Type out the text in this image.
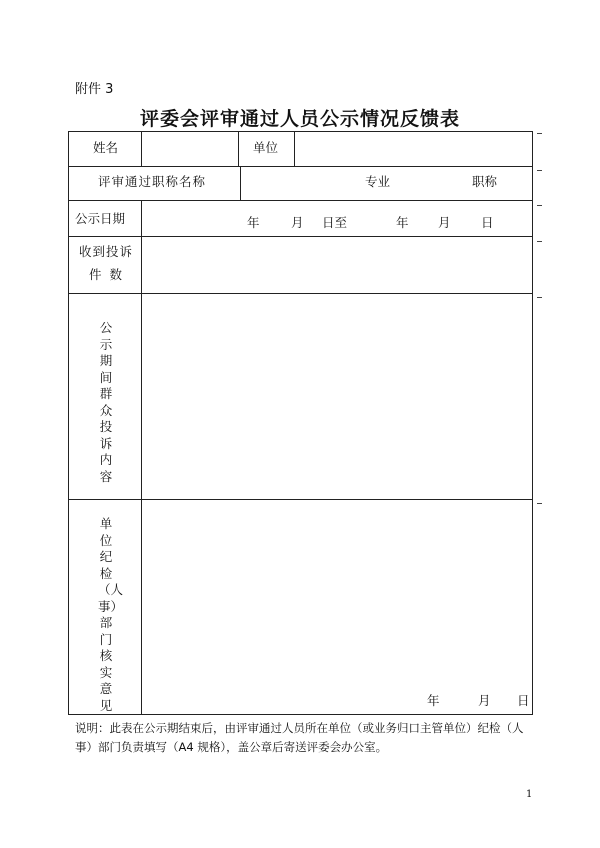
附件 3
评委会评审通过人员公示情况反馈表
姓名	单位
评审通过职称名称	专业	职称
公示日期	年	月 日至	年 月 日
收到投诉
件  数
公示期间群众投诉内容
单位纪检（人事）部门核实意见	年	月 日
说明：此表在公示期结束后，由评审通过人员所在单位（或业务归口主管单位）纪检（人事）部门负责填写（A4 规格），盖公章后寄送评委会办公室。
1
